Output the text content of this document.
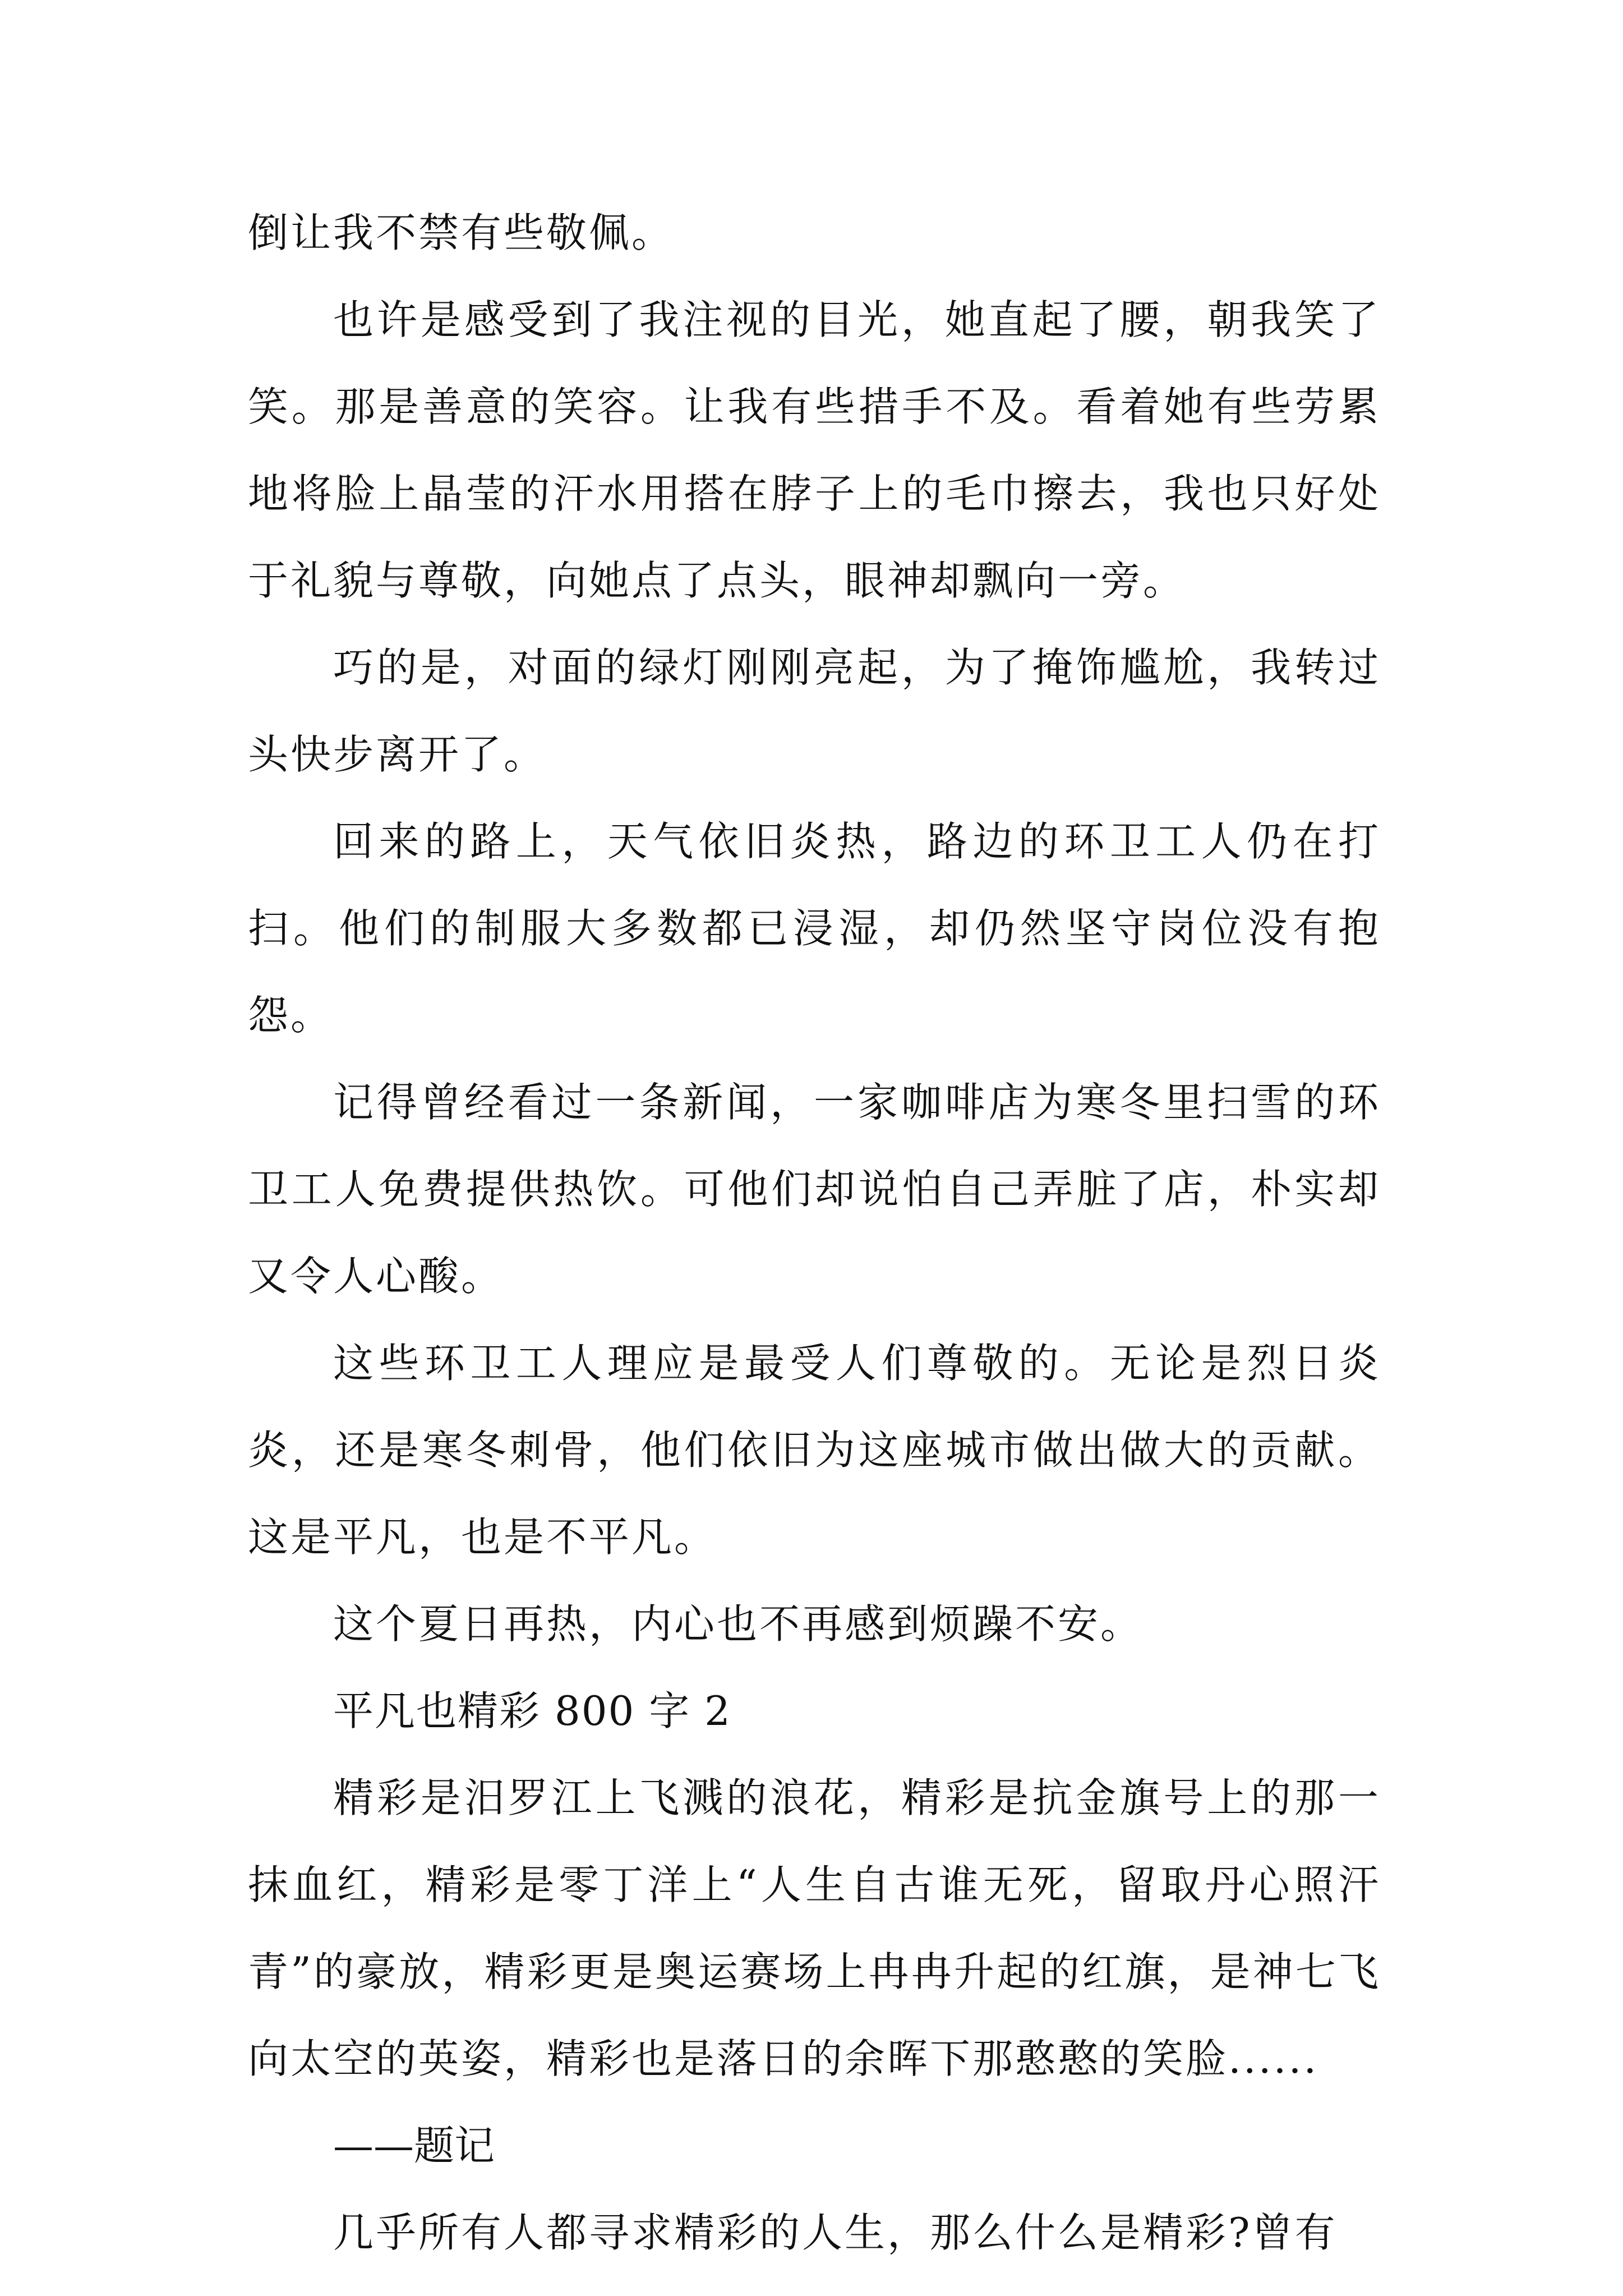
倒让我不禁有些敬佩。

也许是感受到了我注视的目光，她直起了腰，朝我笑了笑。那是善意的笑容。让我有些措手不及。看着她有些劳累地将脸上晶莹的汗水用搭在脖子上的毛巾擦去，我也只好处于礼貌与尊敬，向她点了点头，眼神却飘向一旁。

巧的是，对面的绿灯刚刚亮起，为了掩饰尴尬，我转过头快步离开了。

回来的路上，天气依旧炎热，路边的环卫工人仍在打扫。他们的制服大多数都已浸湿，却仍然坚守岗位没有抱怨。

记得曾经看过一条新闻，一家咖啡店为寒冬里扫雪的环卫工人免费提供热饮。可他们却说怕自己弄脏了店，朴实却又令人心酸。

这些环卫工人理应是最受人们尊敬的。无论是烈日炎炎，还是寒冬刺骨，他们依旧为这座城市做出做大的贡献。这是平凡，也是不平凡。

这个夏日再热，内心也不再感到烦躁不安。

平凡也精彩 800 字 2

精彩是汨罗江上飞溅的浪花，精彩是抗金旗号上的那一抹血红，精彩是零丁洋上“人生自古谁无死，留取丹心照汗青”的豪放，精彩更是奥运赛场上冉冉升起的红旗，是神七飞向太空的英姿，精彩也是落日的余晖下那憨憨的笑脸......

——题记

几乎所有人都寻求精彩的人生，那么什么是精彩?曾有
